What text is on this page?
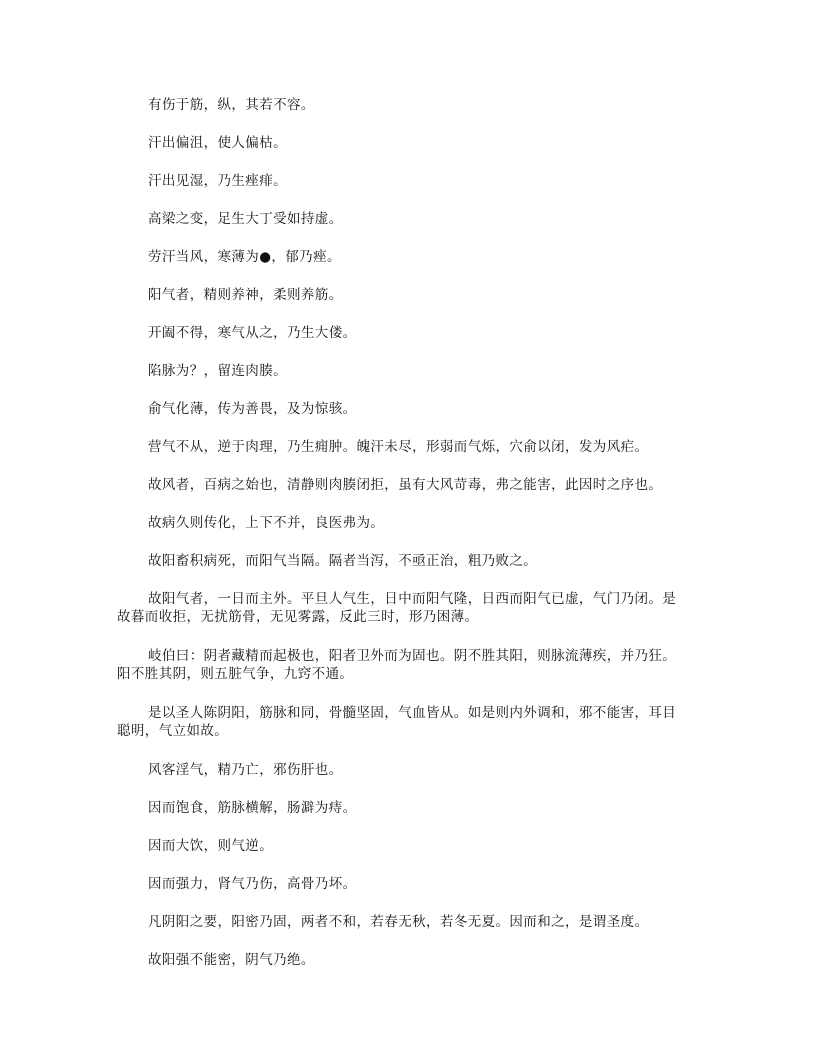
有伤于筋，纵，其若不容。

汗出偏沮，使人偏枯。

汗出见湿，乃生痤痱。

高梁之变，足生大丁受如持虚。

劳汗当风，寒薄为●，郁乃痤。

阳气者，精则养神，柔则养筋。

开阖不得，寒气从之，乃生大偻。

陷脉为？，留连肉腠。

俞气化薄，传为善畏，及为惊骇。

营气不从，逆于肉理，乃生痈肿。魄汗未尽，形弱而气烁，穴俞以闭，发为风疟。

故风者，百病之始也，清静则肉腠闭拒，虽有大风苛毒，弗之能害，此因时之序也。

故病久则传化，上下不并，良医弗为。

故阳畜积病死，而阳气当隔。隔者当泻，不亟正治，粗乃败之。

故阳气者，一日而主外。平旦人气生，日中而阳气隆，日西而阳气已虚，气门乃闭。是故暮而收拒，无扰筋骨，无见雾露，反此三时，形乃困薄。

岐伯曰：阴者藏精而起极也，阳者卫外而为固也。阴不胜其阳，则脉流薄疾，并乃狂。阳不胜其阴，则五脏气争，九窍不通。

是以圣人陈阴阳，筋脉和同，骨髓坚固，气血皆从。如是则内外调和，邪不能害，耳目聪明，气立如故。

风客淫气，精乃亡，邪伤肝也。

因而饱食，筋脉横解，肠澼为痔。

因而大饮，则气逆。

因而强力，肾气乃伤，高骨乃坏。

凡阴阳之要，阳密乃固，两者不和，若春无秋，若冬无夏。因而和之，是谓圣度。

故阳强不能密，阴气乃绝。
